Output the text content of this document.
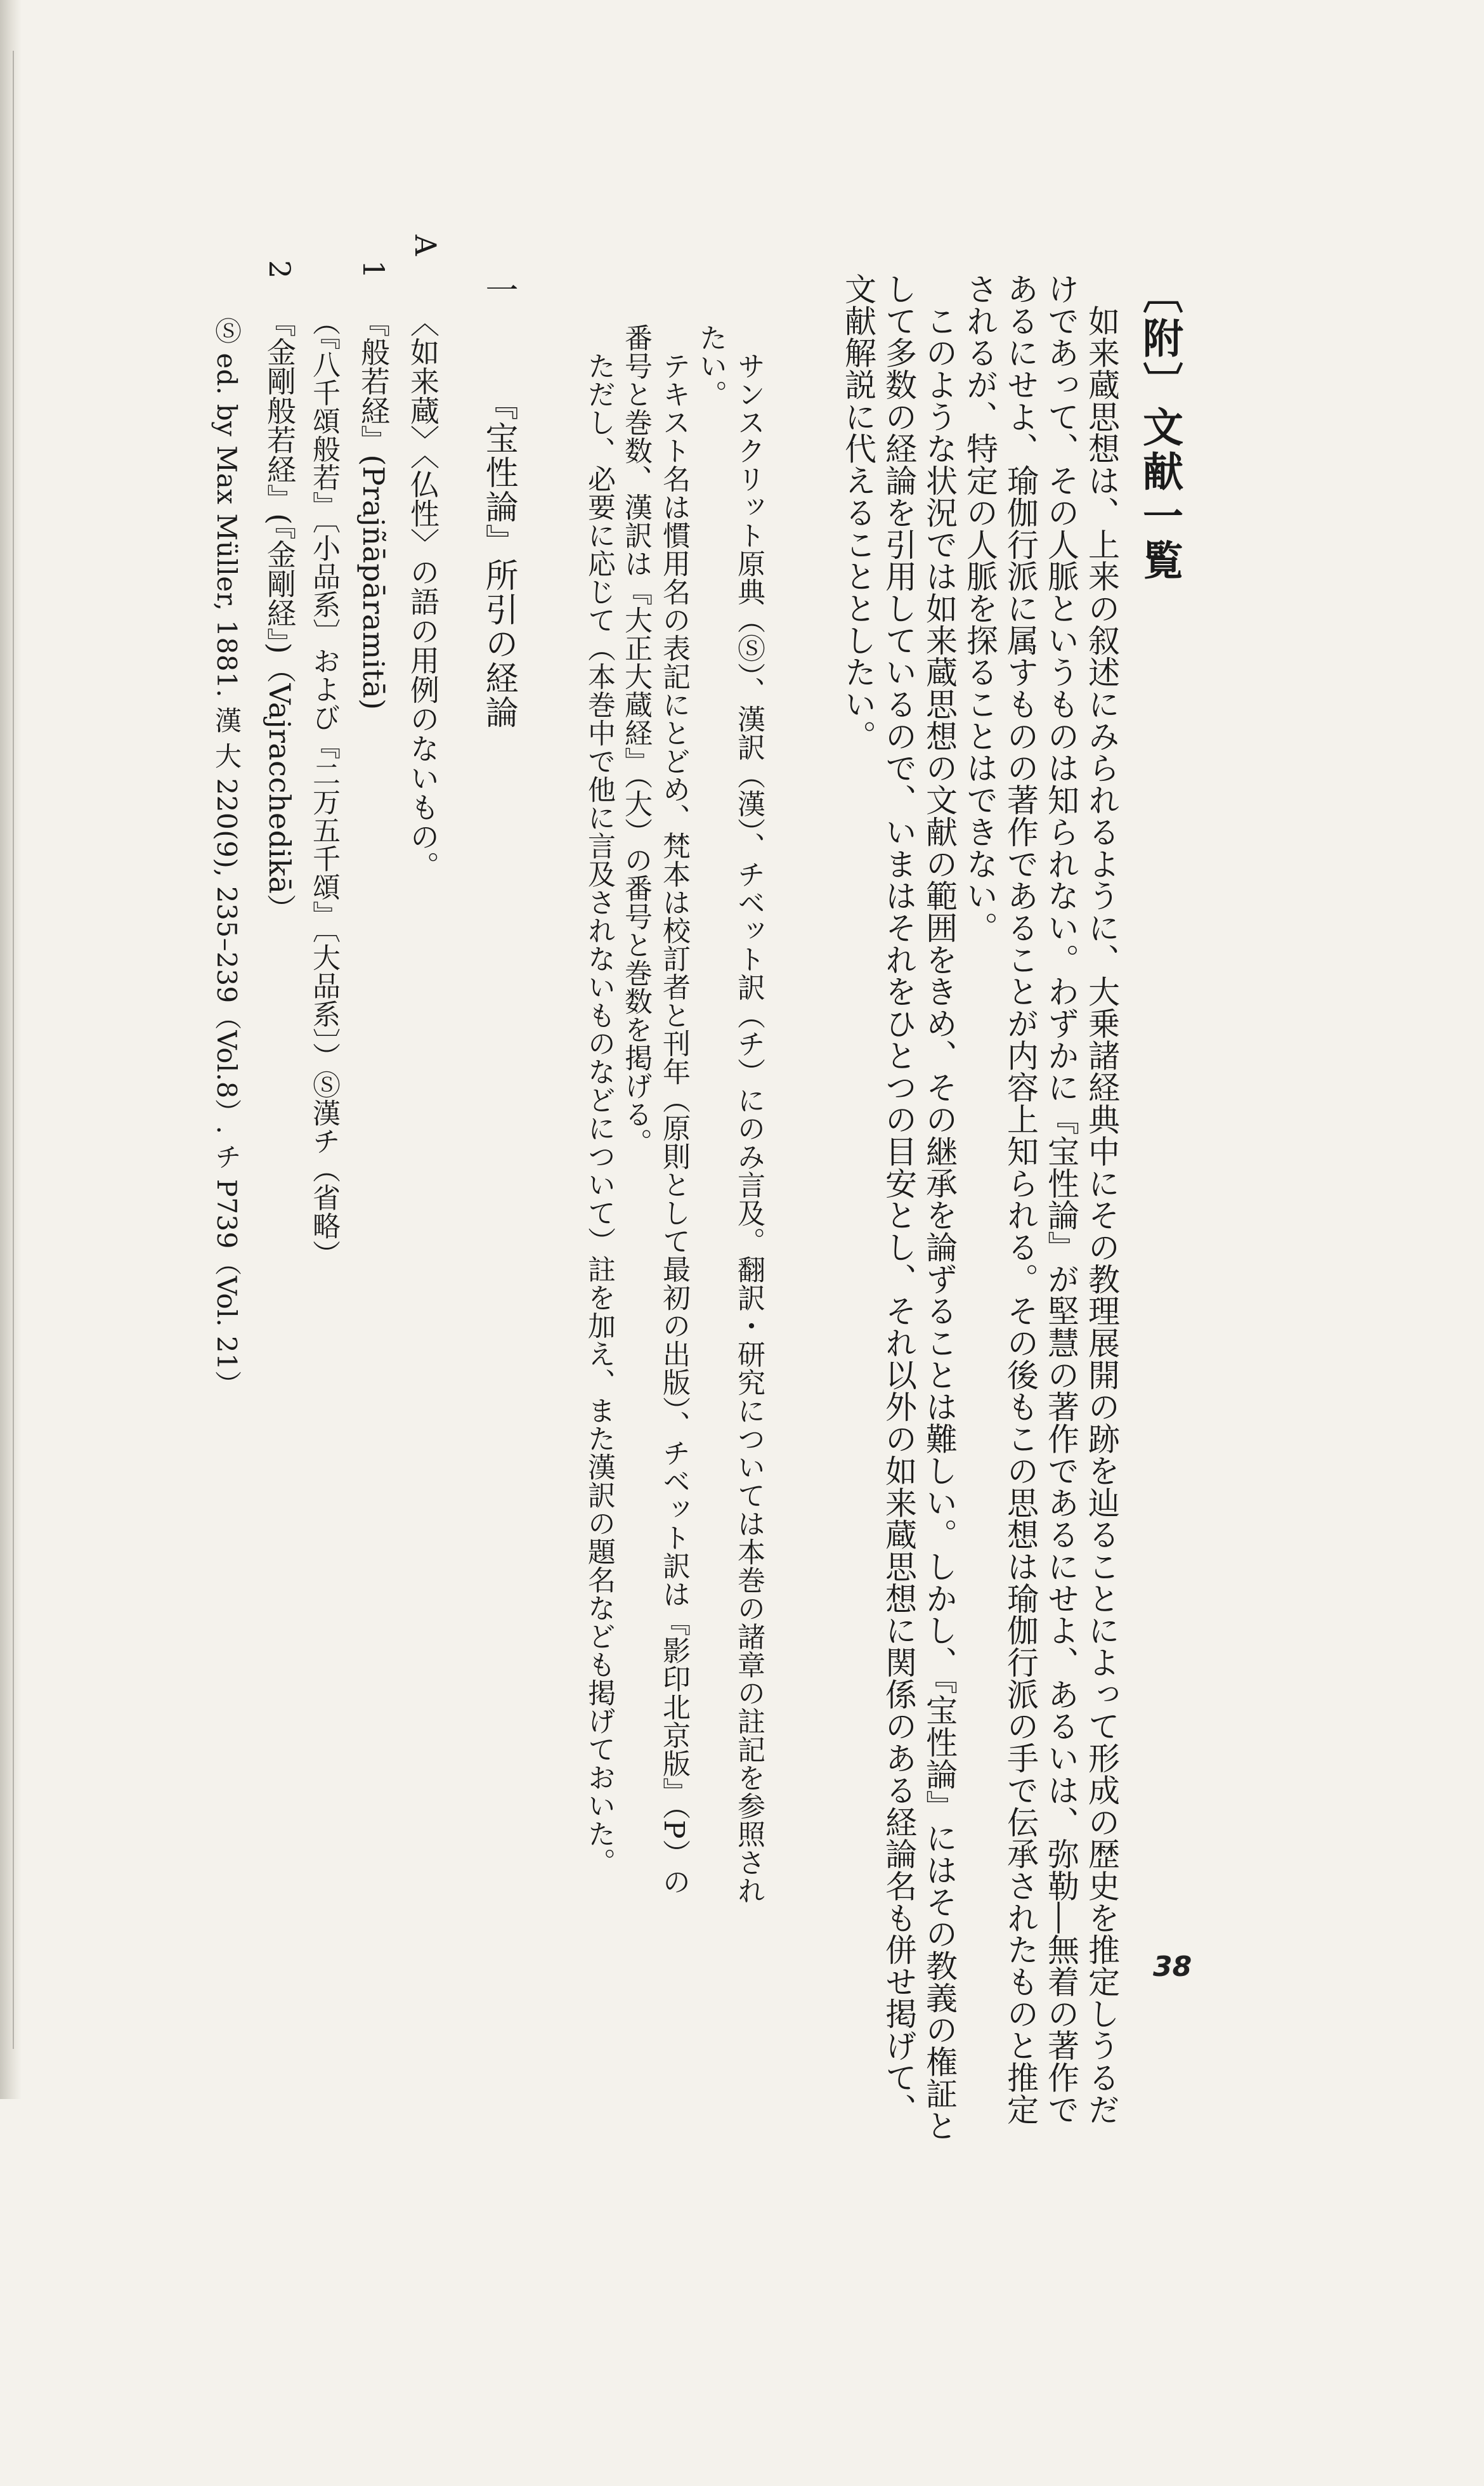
〔附〕文献一覧
　如来蔵思想は、上来の叙述にみられるように、大乗諸経典中にその教理展開の跡を辿ることによって形成の歴史を推定しうるだ
けであって、その人脈というものは知られない。わずかに『宝性論』が堅慧の著作であるにせよ、あるいは、弥勒―無着の著作で
あるにせよ、瑜伽行派に属すものの著作であることが内容上知られる。その後もこの思想は瑜伽行派の手で伝承されたものと推定
されるが、特定の人脈を探ることはできない。
　このような状況では如来蔵思想の文献の範囲をきめ、その継承を論ずることは難しい。しかし、『宝性論』にはその教義の権証と
して多数の経論を引用しているので、いまはそれをひとつの目安とし、それ以外の如来蔵思想に関係のある経論名も併せ掲げて、
文献解説に代えることとしたい。
　サンスクリット原典（Ⓢ）、漢訳（漢）、チベット訳（チ）にのみ言及。翻訳・研究については本巻の諸章の註記を参照され
たい。
　テキスト名は慣用名の表記にとどめ、梵本は校訂者と刊年（原則として最初の出版）、チベット訳は『影印北京版』（P）の
番号と巻数、漢訳は『大正大蔵経』（大）の番号と巻数を掲げる。
　ただし、必要に応じて（本巻中で他に言及されないものなどについて）註を加え、また漢訳の題名なども掲げておいた。
一
『宝性論』所引の経論
A
〈如来蔵〉〈仏性〉の語の用例のないもの。
1
『般若経』(Prajñāpāramitā)
（『八千頌般若』〔小品系〕および『二万五千頌』〔大品系〕）Ⓢ漢チ（省略）
2
『金剛般若経』(『金剛経』)（Vajracchedikā）
Ⓢ ed. by Max Müller, 1881. 漢 大 220(9), 235–239（Vol.8）. チ P739（Vol. 21）
38
